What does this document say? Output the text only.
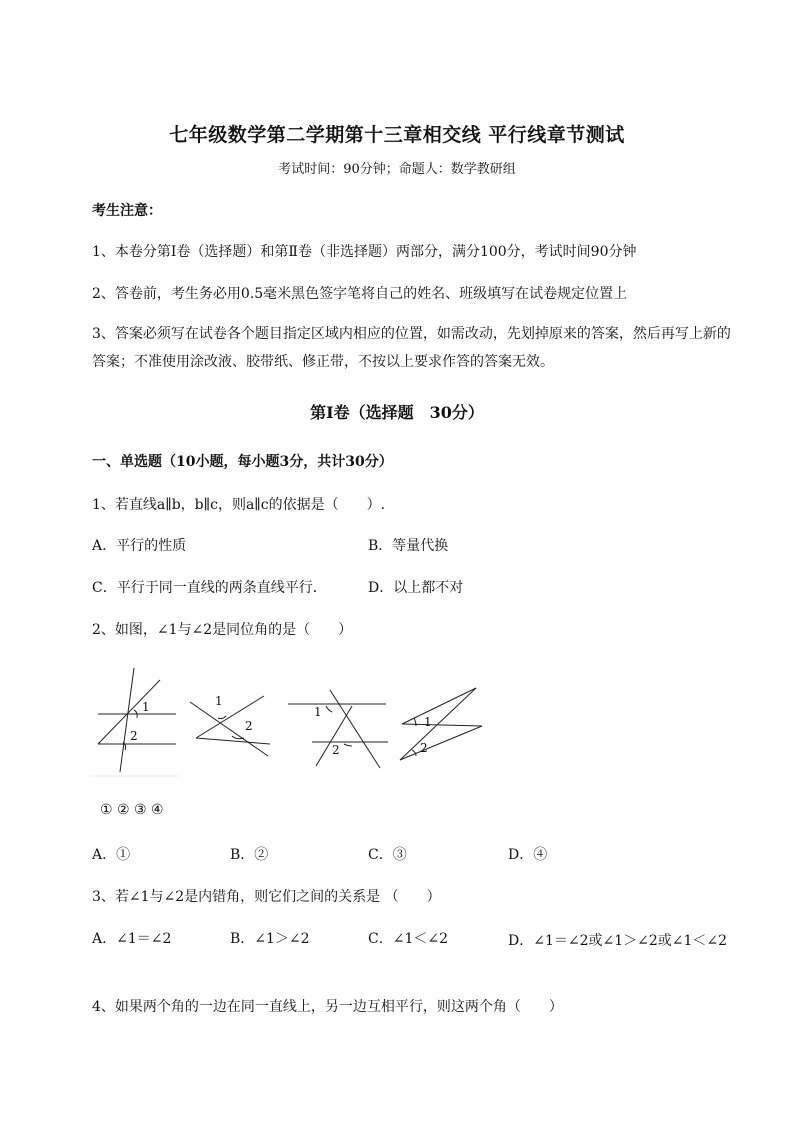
七年级数学第二学期第十三章相交线 平行线章节测试
考试时间：90分钟；命题人：数学教研组
考生注意：
1、本卷分第I卷（选择题）和第Ⅱ卷（非选择题）两部分，满分100分，考试时间90分钟
2、答卷前，考生务必用0.5毫米黑色签字笔将自己的姓名、班级填写在试卷规定位置上
3、答案必须写在试卷各个题目指定区域内相应的位置，如需改动，先划掉原来的答案，然后再写上新的答案；不准使用涂改液、胶带纸、修正带，不按以上要求作答的答案无效。
第I卷（选择题　30分）
一、单选题（10小题，每小题3分，共计30分）
1、若直线a∥b，b∥c，则a∥c的依据是（　　）.
A．平行的性质	B．等量代换
C．平行于同一直线的两条直线平行．	D．以上都不对
2、如图，∠1与∠2是同位角的是（　　）
1
2
1
2
1
2
1
2
① ② ③ ④
A．①	B．②	C．③	D．④
3、若∠1与∠2是内错角，则它们之间的关系是 （　　）
A．∠1＝∠2	B．∠1＞∠2	C．∠1＜∠2	D．∠1＝∠2或∠1＞∠2或∠1＜∠2
4、如果两个角的一边在同一直线上，另一边互相平行，则这两个角（　　）
